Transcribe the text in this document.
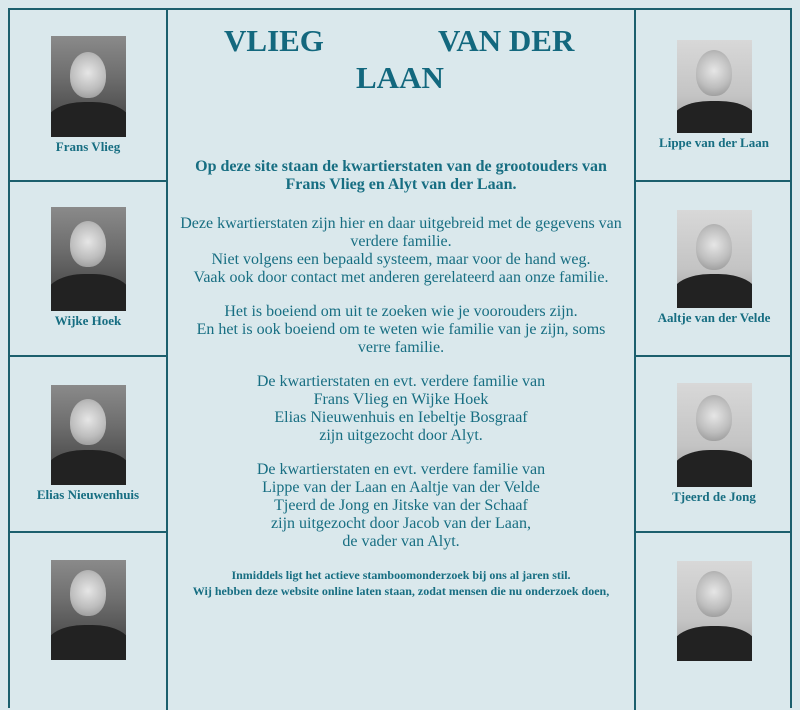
Frans Vlieg
Wijke Hoek
Elias Nieuwenhuis
VLIEG	VAN DER
LAAN
Op deze site staan de kwartierstaten van de grootouders van
Frans Vlieg en Alyt van der Laan.
Deze kwartierstaten zijn hier en daar uitgebreid met de gegevens van
verdere familie.
Niet volgens een bepaald systeem, maar voor de hand weg.
Vaak ook door contact met anderen gerelateerd aan onze familie.
Het is boeiend om uit te zoeken wie je voorouders zijn.
En het is ook boeiend om te weten wie familie van je zijn, soms
verre familie.
De kwartierstaten en evt. verdere familie van
Frans Vlieg en Wijke Hoek
Elias Nieuwenhuis en Iebeltje Bosgraaf
zijn uitgezocht door Alyt.
De kwartierstaten en evt. verdere familie van
Lippe van der Laan en Aaltje van der Velde
Tjeerd de Jong en Jitske van der Schaaf
zijn uitgezocht door Jacob van der Laan,
de vader van Alyt.
Inmiddels ligt het actieve stamboomonderzoek bij ons al jaren stil.
Wij hebben deze website online laten staan, zodat mensen die nu onderzoek doen,
Lippe van der Laan
Aaltje van der Velde
Tjeerd de Jong
